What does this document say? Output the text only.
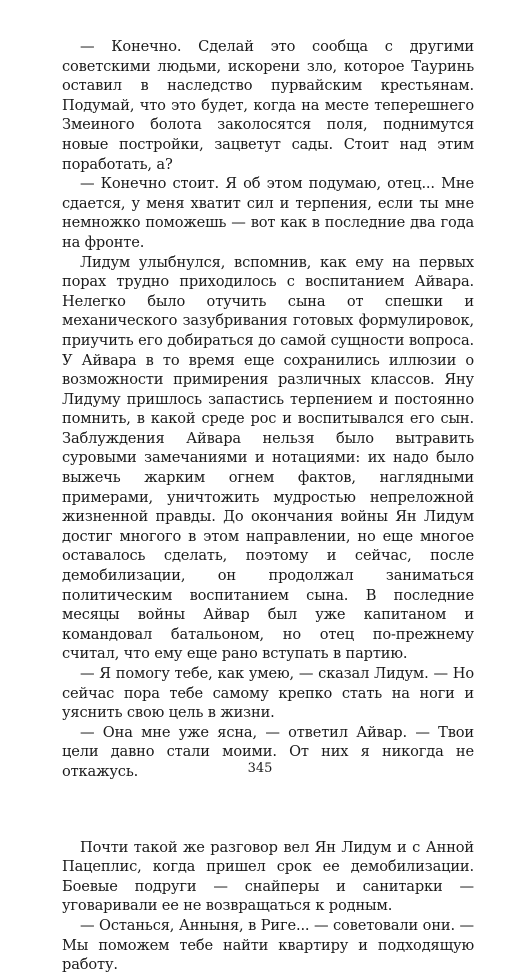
— Конечно. Сделай это сообща с другими советскими людьми, искорени зло, которое Тауринь оставил в наследство пурвайским крестьянам. Подумай, что это будет, когда на месте теперешнего Змеиного болота заколосятся поля, поднимутся новые постройки, зацветут сады. Стоит над этим поработать, а?

— Конечно стоит. Я об этом подумаю, отец... Мне сдается, у меня хватит сил и терпения, если ты мне немножко поможешь — вот как в последние два года на фронте.

Лидум улыбнулся, вспомнив, как ему на первых порах трудно приходилось с воспитанием Айвара. Нелегко было отучить сына от спешки и механического зазубривания готовых формулировок, приучить его добираться до самой сущности вопроса. У Айвара в то время еще сохранились иллюзии о возможности примирения различных классов. Яну Лидуму пришлось запастись терпением и постоянно помнить, в какой среде рос и воспитывался его сын. Заблуждения Айвара нельзя было вытравить суровыми замечаниями и нотациями: их надо было выжечь жарким огнем фактов, наглядными примерами, уничтожить мудростью непреложной жизненной правды. До окончания войны Ян Лидум достиг многого в этом направлении, но еще многое оставалось сделать, поэтому и сейчас, после демобилизации, он продолжал заниматься политическим воспитанием сына. В последние месяцы войны Айвар был уже капитаном и командовал батальоном, но отец по-прежнему считал, что ему еще рано вступать в партию.

— Я помогу тебе, как умею, — сказал Лидум. — Но сейчас пора тебе самому крепко стать на ноги и уяснить свою цель в жизни.

— Она мне уже ясна, — ответил Айвар. — Твои цели давно стали моими. От них я никогда не откажусь.

Почти такой же разговор вел Ян Лидум и с Анной Пацеплис, когда пришел срок ее демобилизации. Боевые подруги — снайперы и санитарки — уговаривали ее не возвращаться к родным.

— Останься, Анныня, в Риге... — советовали они. — Мы поможем тебе найти квартиру и подходящую работу.

345
